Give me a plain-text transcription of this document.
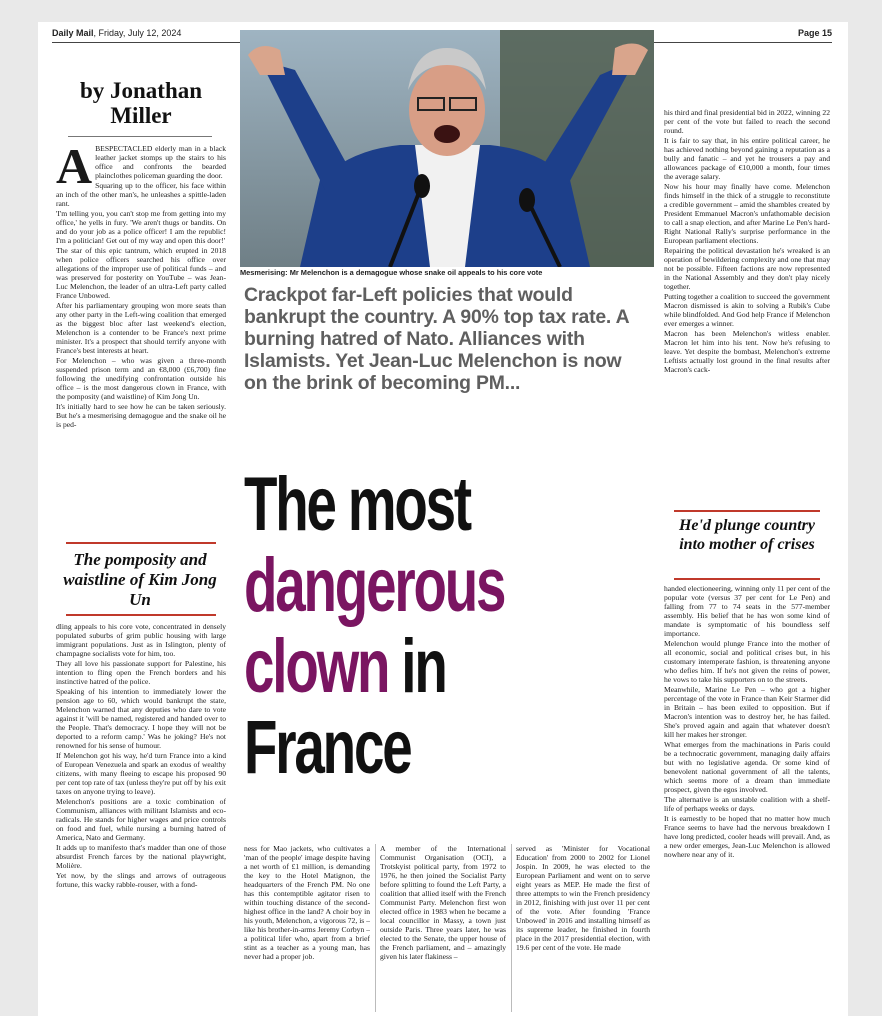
Daily Mail, Friday, July 12, 2024	Page 15
by Jonathan Miller

ABESPECTACLED elderly man in a black leather jacket stomps up the stairs to his office and confronts the bearded plainclothes policeman guarding the door.

Squaring up to the officer, his face within an inch of the other man's, he unleashes a spittle-laden rant.

'I'm telling you, you can't stop me from getting into my office,' he yells in fury. 'We aren't thugs or bandits. On and do your job as a police officer! I am the republic! I'm a politician! Get out of my way and open this door!'

The star of this epic tantrum, which erupted in 2018 when police officers searched his office over allegations of the improper use of political funds – and was preserved for posterity on YouTube – was Jean-Luc Melenchon, the leader of an ultra-Left party called France Unbowed.

After his parliamentary grouping won more seats than any other party in the Left-wing coalition that emerged as the biggest bloc after last weekend's election, Melenchon is a contender to be France's next prime minister. It's a prospect that should terrify anyone with France's best interests at heart.

For Melenchon – who was given a three-month suspended prison term and an €8,000 (£6,700) fine following the unedifying confrontation outside his office – is the most dangerous clown in France, with the pomposity (and waistline) of Kim Jong Un.

It's initially hard to see how he can be taken seriously. But he's a mesmerising demagogue and the snake oil he is ped-

The pomposity and waistline of Kim Jong Un

dling appeals to his core vote, concentrated in densely populated suburbs of grim public housing with large immigrant populations. Just as in Islington, plenty of champagne socialists vote for him, too.

They all love his passionate support for Palestine, his intention to fling open the French borders and his instinctive hatred of the police.

Speaking of his intention to immediately lower the pension age to 60, which would bankrupt the state, Melenchon warned that any deputies who dare to vote against it 'will be named, registered and handed over to the People. That's democracy. I hope they will not be deported to a reform camp.' Was he joking? He's not renowned for his sense of humour.

If Melenchon got his way, he'd turn France into a kind of European Venezuela and spark an exodus of wealthy citizens, with many fleeing to escape his proposed 90 per cent top rate of tax (unless they're put off by his exit taxes on anyone trying to leave).

Melenchon's positions are a toxic combination of Communism, alliances with militant Islamists and eco-radicals. He stands for higher wages and price controls on food and fuel, while nursing a burning hatred of America, Nato and Germany.

It adds up to manifesto that's madder than one of those absurdist French farces by the national playwright, Molière.

Yet now, by the slings and arrows of outrageous fortune, this wacky rabble-rouser, with a fond-

Mesmerising: Mr Melenchon is a demagogue whose snake oil appeals to his core vote
Crackpot far-Left policies that would bankrupt the country. A 90% top tax rate. A burning hatred of Nato. Alliances with Islamists. Yet Jean-Luc Melenchon is now on the brink of becoming PM...
The most
dangerous
clown in
France

ness for Mao jackets, who cultivates a 'man of the people' image despite having a net worth of £1 million, is demanding the key to the Hotel Matignon, the headquarters of the French PM. No one has this contemptible agitator risen to within touching distance of the second-highest office in the land? A choir boy in his youth, Melenchon, a vigorous 72, is – like his brother-in-arms Jeremy Corbyn – a political lifer who, apart from a brief stint as a teacher as a young man, has never had a proper job.

A member of the International Communist Organisation (OCI), a Trotskyist political party, from 1972 to 1976, he then joined the Socialist Party before splitting to found the Left Party, a coalition that allied itself with the French Communist Party. Melenchon first won elected office in 1983 when he became a local councillor in Massy, a town just outside Paris. Three years later, he was elected to the Senate, the upper house of the French parliament, and – amazingly given his later flakiness –

served as 'Minister for Vocational Education' from 2000 to 2002 for Lionel Jospin. In 2009, he was elected to the European Parliament and went on to serve eight years as MEP. He made the first of three attempts to win the French presidency in 2012, finishing with just over 11 per cent of the vote. After founding 'France Unbowed' in 2016 and installing himself as its supreme leader, he finished in fourth place in the 2017 presidential election, with 19.6 per cent of the vote. He made

his third and final presidential bid in 2022, winning 22 per cent of the vote but failed to reach the second round.

It is fair to say that, in his entire political career, he has achieved nothing beyond gaining a reputation as a bully and fanatic – and yet he trousers a pay and allowances package of €10,000 a month, four times the average salary.

Now his hour may finally have come. Melenchon finds himself in the thick of a struggle to reconstitute a credible government – amid the shambles created by President Emmanuel Macron's unfathomable decision to call a snap election, and after Marine Le Pen's hard-Right National Rally's surprise performance in the European parliament elections.

Repairing the political devastation he's wreaked is an operation of bewildering complexity and one that may not be possible. Fifteen factions are now represented in the National Assembly and they don't play nicely together.

Putting together a coalition to succeed the government Macron dismissed is akin to solving a Rubik's Cube while blindfolded. And God help France if Melenchon ever emerges a winner.

Macron has been Melenchon's witless enabler. Macron let him into his tent. Now he's refusing to leave. Yet despite the bombast, Melenchon's extreme Leftists actually lost ground in the final results after Macron's cack-

He'd plunge country into mother of crises

handed electioneering, winning only 11 per cent of the popular vote (versus 37 per cent for Le Pen) and falling from 77 to 74 seats in the 577-member assembly. His belief that he has won some kind of mandate is symptomatic of his boundless self importance.

Melenchon would plunge France into the mother of all economic, social and political crises but, in his customary intemperate fashion, is threatening anyone who defies him. If he's not given the reins of power, he vows to take his supporters on to the streets.

Meanwhile, Marine Le Pen – who got a higher percentage of the vote in France than Keir Starmer did in Britain – has been exiled to opposition. But if Macron's intention was to destroy her, he has failed. She's proved again and again that whatever doesn't kill her makes her stronger.

What emerges from the machinations in Paris could be a technocratic government, managing daily affairs but with no legislative agenda. Or some kind of benevolent national government of all the talents, which seems more of a dream than immediate prospect, given the egos involved.

The alternative is an unstable coalition with a shelf-life of perhaps weeks or days.

It is earnestly to be hoped that no matter how much France seems to have had the nervous breakdown I have long predicted, cooler heads will prevail. And, as a new order emerges, Jean-Luc Melenchon is allowed nowhere near any of it.
